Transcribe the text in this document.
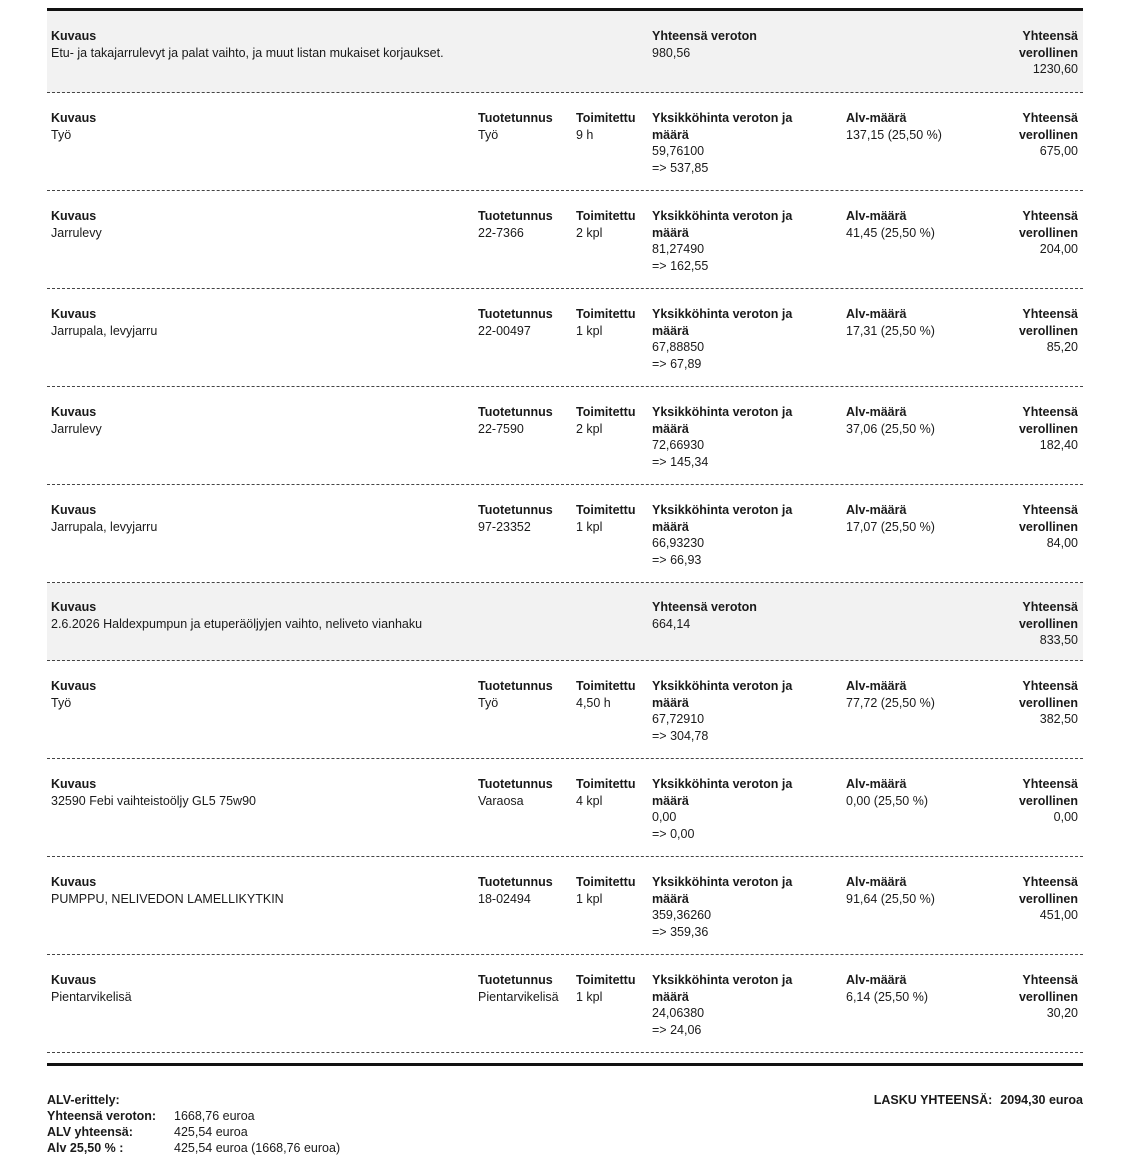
Kuvaus
Etu- ja takajarrulevyt ja palat vaihto, ja muut listan mukaiset korjaukset.
Yhteensä veroton
980,56
Yhteensä verollinen
1230,60
Kuvaus
Työ
Tuotetunnus
Työ
Toimitettu
9 h
Yksikköhinta veroton ja määrä
59,76100
=> 537,85
Alv-määrä
137,15 (25,50 %)
Yhteensä verollinen
675,00
Kuvaus
Jarrulevy
Tuotetunnus
22-7366
Toimitettu
2 kpl
Yksikköhinta veroton ja määrä
81,27490
=> 162,55
Alv-määrä
41,45 (25,50 %)
Yhteensä verollinen
204,00
Kuvaus
Jarrupala, levyjarru
Tuotetunnus
22-00497
Toimitettu
1 kpl
Yksikköhinta veroton ja määrä
67,88850
=> 67,89
Alv-määrä
17,31 (25,50 %)
Yhteensä verollinen
85,20
Kuvaus
Jarrulevy
Tuotetunnus
22-7590
Toimitettu
2 kpl
Yksikköhinta veroton ja määrä
72,66930
=> 145,34
Alv-määrä
37,06 (25,50 %)
Yhteensä verollinen
182,40
Kuvaus
Jarrupala, levyjarru
Tuotetunnus
97-23352
Toimitettu
1 kpl
Yksikköhinta veroton ja määrä
66,93230
=> 66,93
Alv-määrä
17,07 (25,50 %)
Yhteensä verollinen
84,00
Kuvaus
2.6.2026 Haldexpumpun ja etuperäöljyjen vaihto, neliveto vianhaku
Yhteensä veroton
664,14
Yhteensä verollinen
833,50
Kuvaus
Työ
Tuotetunnus
Työ
Toimitettu
4,50 h
Yksikköhinta veroton ja määrä
67,72910
=> 304,78
Alv-määrä
77,72 (25,50 %)
Yhteensä verollinen
382,50
Kuvaus
32590 Febi vaihteistoöljy GL5 75w90
Tuotetunnus
Varaosa
Toimitettu
4 kpl
Yksikköhinta veroton ja määrä
0,00
=> 0,00
Alv-määrä
0,00 (25,50 %)
Yhteensä verollinen
0,00
Kuvaus
PUMPPU, NELIVEDON LAMELLIKYTKIN
Tuotetunnus
18-02494
Toimitettu
1 kpl
Yksikköhinta veroton ja määrä
359,36260
=> 359,36
Alv-määrä
91,64 (25,50 %)
Yhteensä verollinen
451,00
Kuvaus
Pientarvikelisä
Tuotetunnus
Pientarvikelisä
Toimitettu
1 kpl
Yksikköhinta veroton ja määrä
24,06380
=> 24,06
Alv-määrä
6,14 (25,50 %)
Yhteensä verollinen
30,20
ALV-erittely:
Yhteensä veroton: 1668,76 euroa
ALV yhteensä:	425,54 euroa
Alv 25,50 % :	425,54 euroa (1668,76 euroa)
LASKU YHTEENSÄ: 2094,30 euroa
